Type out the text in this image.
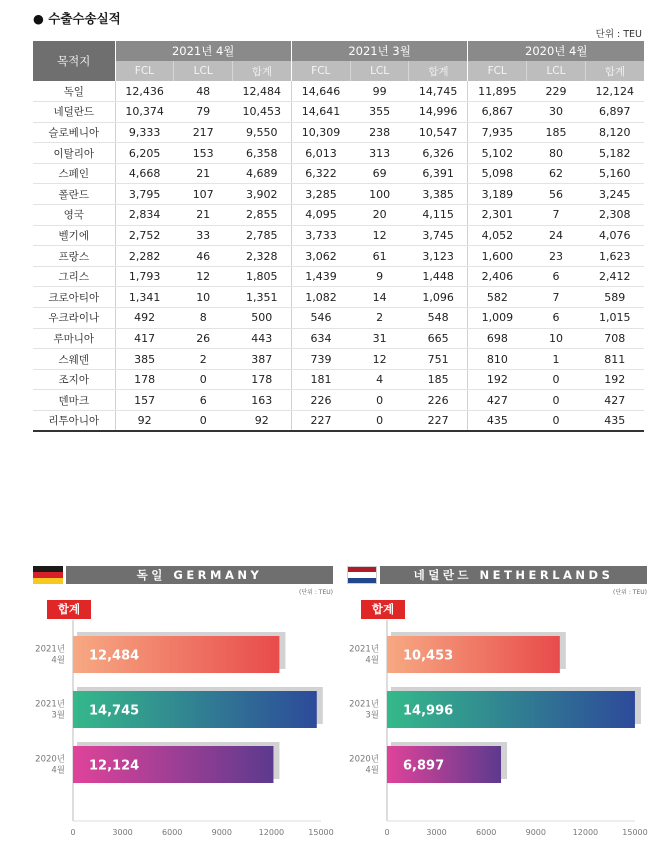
● 수출수송실적
단위 : TEU
목적지	2021년 4월			2021년 3월			2020년 4월		
	FCL	LCL	합계	FCL	LCL	합계	FCL	LCL	합계
독일	12,436	48	12,484	14,646	99	14,745	11,895	229	12,124
네덜란드	10,374	79	10,453	14,641	355	14,996	6,867	30	6,897
슬로베니아	9,333	217	9,550	10,309	238	10,547	7,935	185	8,120
이탈리아	6,205	153	6,358	6,013	313	6,326	5,102	80	5,182
스페인	4,668	21	4,689	6,322	69	6,391	5,098	62	5,160
폴란드	3,795	107	3,902	3,285	100	3,385	3,189	56	3,245
영국	2,834	21	2,855	4,095	20	4,115	2,301	7	2,308
벨기에	2,752	33	2,785	3,733	12	3,745	4,052	24	4,076
프랑스	2,282	46	2,328	3,062	61	3,123	1,600	23	1,623
그리스	1,793	12	1,805	1,439	9	1,448	2,406	6	2,412
크로아티아	1,341	10	1,351	1,082	14	1,096	582	7	589
우크라이나	492	8	500	546	2	548	1,009	6	1,015
루마니아	417	26	443	634	31	665	698	10	708
스웨덴	385	2	387	739	12	751	810	1	811
조지아	178	0	178	181	4	185	192	0	192
덴마크	157	6	163	226	0	226	427	0	427
리투아니아	92	0	92	227	0	227	435	0	435
독일 GERMANY
(단위 : TEU)
합계
0	3000	6000	9000	12000	15000
12,484
2021년
4월
14,745
2021년
3월
12,124
2020년
4월
네덜란드 NETHERLANDS
(단위 : TEU)
합계
0	3000	6000	9000	12000	15000
10,453
2021년
4월
14,996
2021년
3월
6,897
2020년
4월
